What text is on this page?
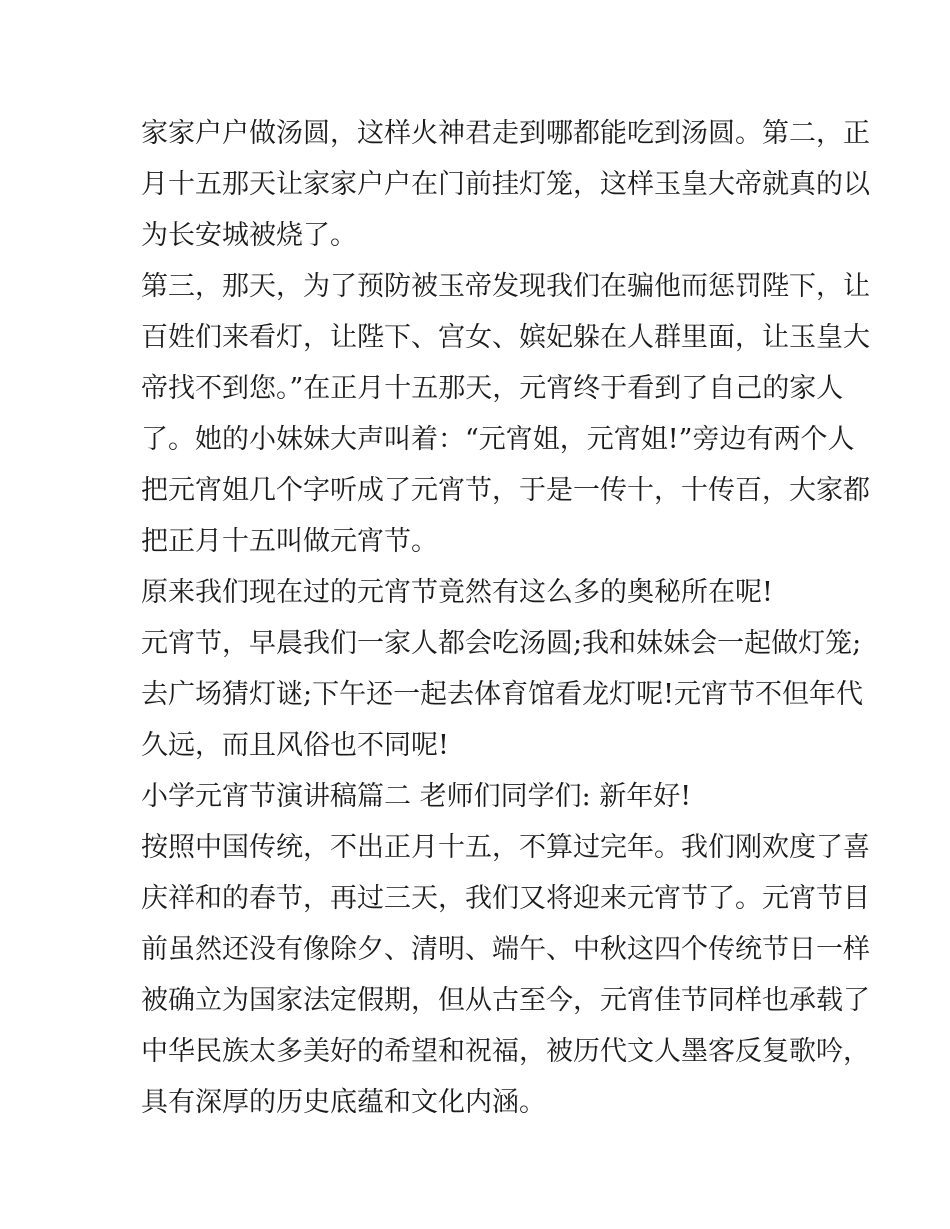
家家户户做汤圆，这样火神君走到哪都能吃到汤圆。第二，正
月十五那天让家家户户在门前挂灯笼，这样玉皇大帝就真的以
为长安城被烧了。
第三，那天，为了预防被玉帝发现我们在骗他而惩罚陛下，让
百姓们来看灯，让陛下、宫女、嫔妃躲在人群里面，让玉皇大
帝找不到您。”在正月十五那天，元宵终于看到了自己的家人
了。她的小妹妹大声叫着：“元宵姐，元宵姐!”旁边有两个人
把元宵姐几个字听成了元宵节，于是一传十，十传百，大家都
把正月十五叫做元宵节。
原来我们现在过的元宵节竟然有这么多的奥秘所在呢!
元宵节，早晨我们一家人都会吃汤圆;我和妹妹会一起做灯笼;
去广场猜灯谜;下午还一起去体育馆看龙灯呢!元宵节不但年代
久远，而且风俗也不同呢!
小学元宵节演讲稿篇二 老师们同学们: 新年好!
按照中国传统，不出正月十五，不算过完年。我们刚欢度了喜
庆祥和的春节，再过三天，我们又将迎来元宵节了。元宵节目
前虽然还没有像除夕、清明、端午、中秋这四个传统节日一样
被确立为国家法定假期，但从古至今，元宵佳节同样也承载了
中华民族太多美好的希望和祝福，被历代文人墨客反复歌吟，
具有深厚的历史底蕴和文化内涵。
